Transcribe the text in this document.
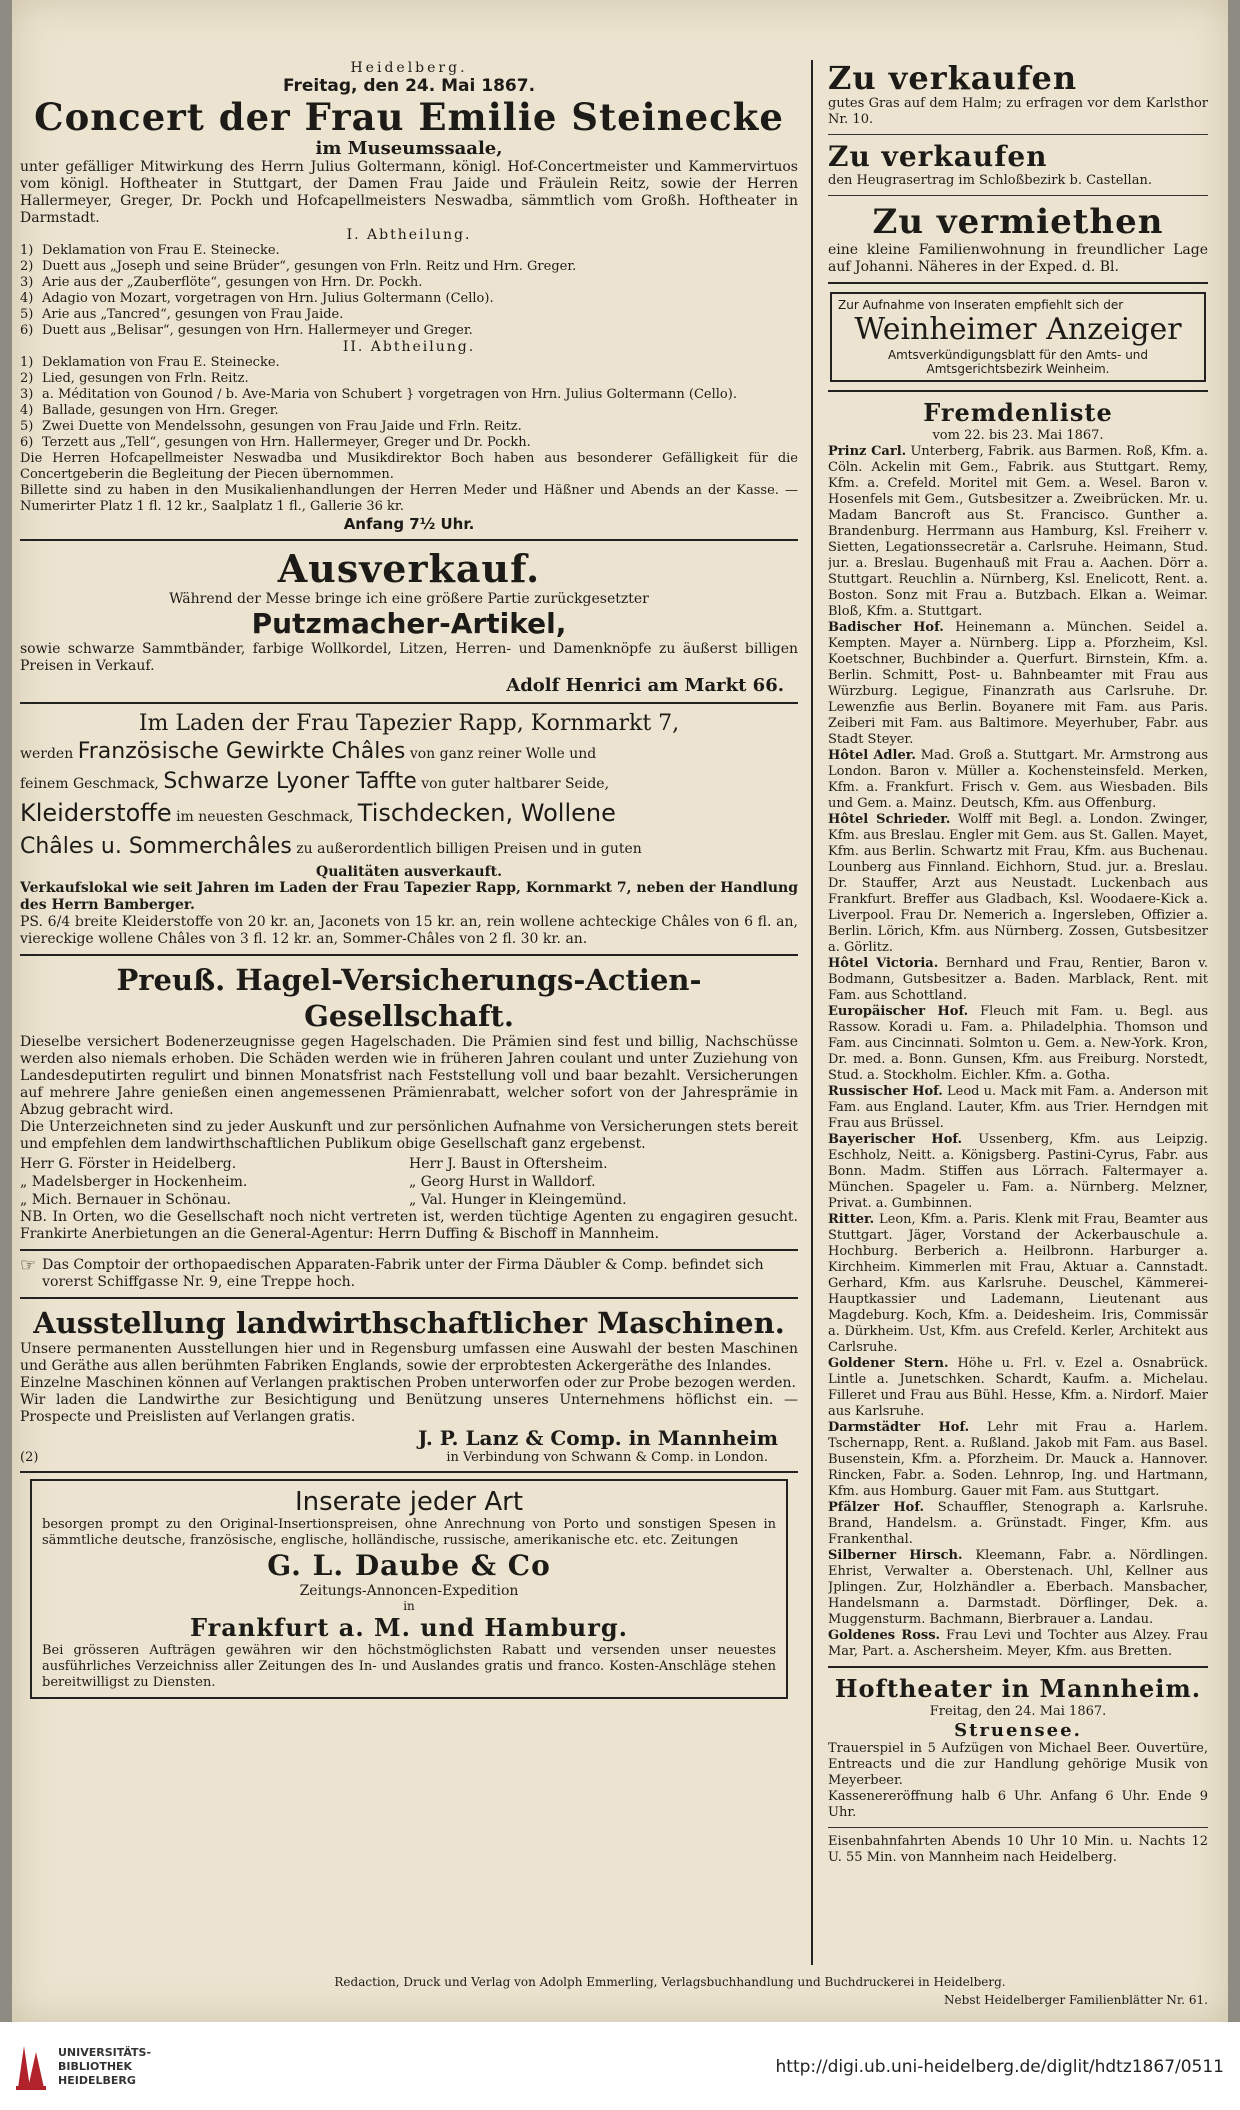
Heidelberg.
Freitag, den 24. Mai 1867.
Concert der Frau Emilie Steinecke
im Museumssaale,

unter gefälliger Mitwirkung des Herrn Julius Goltermann, königl. Hof-Concertmeister und Kammervirtuos vom königl. Hoftheater in Stuttgart, der Damen Frau Jaide und Fräulein Reitz, sowie der Herren Hallermeyer, Greger, Dr. Pockh und Hofcapellmeisters Neswadba, sämmtlich vom Großh. Hoftheater in Darmstadt.

I. Abtheilung.
1) Deklamation von Frau E. Steinecke.
2) Duett aus „Joseph und seine Brüder“, gesungen von Frln. Reitz und Hrn. Greger.
3) Arie aus der „Zauberflöte“, gesungen von Hrn. Dr. Pockh.
4) Adagio von Mozart, vorgetragen von Hrn. Julius Goltermann (Cello).
5) Arie aus „Tancred“, gesungen von Frau Jaide.
6) Duett aus „Belisar“, gesungen von Hrn. Hallermeyer und Greger.
II. Abtheilung.
1) Deklamation von Frau E. Steinecke.
2) Lied, gesungen von Frln. Reitz.
3) a. Méditation von Gounod / b. Ave-Maria von Schubert } vorgetragen von Hrn. Julius Goltermann (Cello).
4) Ballade, gesungen von Hrn. Greger.
5) Zwei Duette von Mendelssohn, gesungen von Frau Jaide und Frln. Reitz.
6) Terzett aus „Tell“, gesungen von Hrn. Hallermeyer, Greger und Dr. Pockh.

Die Herren Hofcapellmeister Neswadba und Musikdirektor Boch haben aus besonderer Gefälligkeit für die Concertgeberin die Begleitung der Piecen übernommen.

Billette sind zu haben in den Musikalienhandlungen der Herren Meder und Häßner und Abends an der Kasse. — Numerirter Platz 1 fl. 12 kr., Saalplatz 1 fl., Gallerie 36 kr.

Anfang 7½ Uhr.
Ausverkauf.
Während der Messe bringe ich eine größere Partie zurückgesetzter
Putzmacher-Artikel,

sowie schwarze Sammtbänder, farbige Wollkordel, Litzen, Herren- und Damenknöpfe zu äußerst billigen Preisen in Verkauf.

Adolf Henrici am Markt 66.
Im Laden der Frau Tapezier Rapp, Kornmarkt 7,
werden Französische Gewirkte Châles von ganz reiner Wolle und
feinem Geschmack, Schwarze Lyoner Taffte von guter haltbarer Seide,
Kleiderstoffe im neuesten Geschmack, Tischdecken, Wollene
Châles u. Sommerchâles zu außerordentlich billigen Preisen und in guten
Qualitäten ausverkauft.

Verkaufslokal wie seit Jahren im Laden der Frau Tapezier Rapp, Kornmarkt 7, neben der Handlung des Herrn Bamberger.

PS. 6/4 breite Kleiderstoffe von 20 kr. an, Jaconets von 15 kr. an, rein wollene achteckige Châles von 6 fl. an, viereckige wollene Châles von 3 fl. 12 kr. an, Sommer-Châles von 2 fl. 30 kr. an.

Preuß. Hagel-Versicherungs-Actien-Gesellschaft.

Dieselbe versichert Bodenerzeugnisse gegen Hagelschaden. Die Prämien sind fest und billig, Nachschüsse werden also niemals erhoben. Die Schäden werden wie in früheren Jahren coulant und unter Zuziehung von Landesdeputirten regulirt und binnen Monatsfrist nach Feststellung voll und baar bezahlt. Versicherungen auf mehrere Jahre genießen einen angemessenen Prämienrabatt, welcher sofort von der Jahresprämie in Abzug gebracht wird.

Die Unterzeichneten sind zu jeder Auskunft und zur persönlichen Aufnahme von Versicherungen stets bereit und empfehlen dem landwirthschaftlichen Publikum obige Gesellschaft ganz ergebenst.

Herr G. Förster in Heidelberg.	Herr J. Baust in Oftersheim.
„ Madelsberger in Hockenheim.	„ Georg Hurst in Walldorf.
„ Mich. Bernauer in Schönau.	„ Val. Hunger in Kleingemünd.

NB. In Orten, wo die Gesellschaft noch nicht vertreten ist, werden tüchtige Agenten zu engagiren gesucht. Frankirte Anerbietungen an die General-Agentur: Herrn Duffing & Bischoff in Mannheim.

☞ Das Comptoir der orthopaedischen Apparaten-Fabrik unter der Firma Däubler & Comp. befindet sich vorerst Schiffgasse Nr. 9, eine Treppe hoch.
Ausstellung landwirthschaftlicher Maschinen.

Unsere permanenten Ausstellungen hier und in Regensburg umfassen eine Auswahl der besten Maschinen und Geräthe aus allen berühmten Fabriken Englands, sowie der erprobtesten Ackergeräthe des Inlandes.

Einzelne Maschinen können auf Verlangen praktischen Proben unterworfen oder zur Probe bezogen werden.

Wir laden die Landwirthe zur Besichtigung und Benützung unseres Unternehmens höflichst ein. — Prospecte und Preislisten auf Verlangen gratis.

J. P. Lanz & Comp. in Mannheim
(2)	in Verbindung von Schwann & Comp. in London.
Inserate jeder Art

besorgen prompt zu den Original-Insertionspreisen, ohne Anrechnung von Porto und sonstigen Spesen in sämmtliche deutsche, französische, englische, holländische, russische, amerikanische etc. etc. Zeitungen

G. L. Daube & Co
Zeitungs-Annoncen-Expedition
in
Frankfurt a. M. und Hamburg.

Bei grösseren Aufträgen gewähren wir den höchstmöglichsten Rabatt und versenden unser neuestes ausführliches Verzeichniss aller Zeitungen des In- und Auslandes gratis und franco. Kosten-Anschläge stehen bereitwilligst zu Diensten.

Zu verkaufen

gutes Gras auf dem Halm; zu erfragen vor dem Karlsthor Nr. 10.

Zu verkaufen

den Heugrasertrag im Schloßbezirk b. Castellan.

Zu vermiethen

eine kleine Familienwohnung in freundlicher Lage auf Johanni. Näheres in der Exped. d. Bl.

Zur Aufnahme von Inseraten empfiehlt sich der
Weinheimer Anzeiger
Amtsverkündigungsblatt für den Amts- und Amtsgerichtsbezirk Weinheim.
Fremdenliste
vom 22. bis 23. Mai 1867.

Prinz Carl. Unterberg, Fabrik. aus Barmen. Roß, Kfm. a. Cöln. Ackelin mit Gem., Fabrik. aus Stuttgart. Remy, Kfm. a. Crefeld. Moritel mit Gem. a. Wesel. Baron v. Hosenfels mit Gem., Gutsbesitzer a. Zweibrücken. Mr. u. Madam Bancroft aus St. Francisco. Gunther a. Brandenburg. Herrmann aus Hamburg, Ksl. Freiherr v. Sietten, Legationssecretär a. Carlsruhe. Heimann, Stud. jur. a. Breslau. Bugenhauß mit Frau a. Aachen. Dörr a. Stuttgart. Reuchlin a. Nürnberg, Ksl. Enelicott, Rent. a. Boston. Sonz mit Frau a. Butzbach. Elkan a. Weimar. Bloß, Kfm. a. Stuttgart.

Badischer Hof. Heinemann a. München. Seidel a. Kempten. Mayer a. Nürnberg. Lipp a. Pforzheim, Ksl. Koetschner, Buchbinder a. Querfurt. Birnstein, Kfm. a. Berlin. Schmitt, Post- u. Bahnbeamter mit Frau aus Würzburg. Legigue, Finanzrath aus Carlsruhe. Dr. Lewenzfie aus Berlin. Boyanere mit Fam. aus Paris. Zeiberi mit Fam. aus Baltimore. Meyerhuber, Fabr. aus Stadt Steyer.

Hôtel Adler. Mad. Groß a. Stuttgart. Mr. Armstrong aus London. Baron v. Müller a. Kochensteinsfeld. Merken, Kfm. a. Frankfurt. Frisch v. Gem. aus Wiesbaden. Bils und Gem. a. Mainz. Deutsch, Kfm. aus Offenburg.

Hôtel Schrieder. Wolff mit Begl. a. London. Zwinger, Kfm. aus Breslau. Engler mit Gem. aus St. Gallen. Mayet, Kfm. aus Berlin. Schwartz mit Frau, Kfm. aus Buchenau. Lounberg aus Finnland. Eichhorn, Stud. jur. a. Breslau. Dr. Stauffer, Arzt aus Neustadt. Luckenbach aus Frankfurt. Breffer aus Gladbach, Ksl. Woodaere-Kick a. Liverpool. Frau Dr. Nemerich a. Ingersleben, Offizier a. Berlin. Lörich, Kfm. aus Nürnberg. Zossen, Gutsbesitzer a. Görlitz.

Hôtel Victoria. Bernhard und Frau, Rentier, Baron v. Bodmann, Gutsbesitzer a. Baden. Marblack, Rent. mit Fam. aus Schottland.

Europäischer Hof. Fleuch mit Fam. u. Begl. aus Rassow. Koradi u. Fam. a. Philadelphia. Thomson und Fam. aus Cincinnati. Solmton u. Gem. a. New-York. Kron, Dr. med. a. Bonn. Gunsen, Kfm. aus Freiburg. Norstedt, Stud. a. Stockholm. Eichler. Kfm. a. Gotha.

Russischer Hof. Leod u. Mack mit Fam. a. Anderson mit Fam. aus England. Lauter, Kfm. aus Trier. Herndgen mit Frau aus Brüssel.

Bayerischer Hof. Ussenberg, Kfm. aus Leipzig. Eschholz, Neitt. a. Königsberg. Pastini-Cyrus, Fabr. aus Bonn. Madm. Stiffen aus Lörrach. Faltermayer a. München. Spageler u. Fam. a. Nürnberg. Melzner, Privat. a. Gumbinnen.

Ritter. Leon, Kfm. a. Paris. Klenk mit Frau, Beamter aus Stuttgart. Jäger, Vorstand der Ackerbauschule a. Hochburg. Berberich a. Heilbronn. Harburger a. Kirchheim. Kimmerlen mit Frau, Aktuar a. Cannstadt. Gerhard, Kfm. aus Karlsruhe. Deuschel, Kämmerei-Hauptkassier und Lademann, Lieutenant aus Magdeburg. Koch, Kfm. a. Deidesheim. Iris, Commissär a. Dürkheim. Ust, Kfm. aus Crefeld. Kerler, Architekt aus Carlsruhe.

Goldener Stern. Höhe u. Frl. v. Ezel a. Osnabrück. Lintle a. Junetschken. Schardt, Kaufm. a. Michelau. Filleret und Frau aus Bühl. Hesse, Kfm. a. Nirdorf. Maier aus Karlsruhe.

Darmstädter Hof. Lehr mit Frau a. Harlem. Tschernapp, Rent. a. Rußland. Jakob mit Fam. aus Basel. Busenstein, Kfm. a. Pforzheim. Dr. Mauck a. Hannover. Rincken, Fabr. a. Soden. Lehnrop, Ing. und Hartmann, Kfm. aus Homburg. Gauer mit Fam. aus Stuttgart.

Pfälzer Hof. Schauffler, Stenograph a. Karlsruhe. Brand, Handelsm. a. Grünstadt. Finger, Kfm. aus Frankenthal.

Silberner Hirsch. Kleemann, Fabr. a. Nördlingen. Ehrist, Verwalter a. Oberstenach. Uhl, Kellner aus Jplingen. Zur, Holzhändler a. Eberbach. Mansbacher, Handelsmann a. Darmstadt. Dörflinger, Dek. a. Muggensturm. Bachmann, Bierbrauer a. Landau.

Goldenes Ross. Frau Levi und Tochter aus Alzey. Frau Mar, Part. a. Aschersheim. Meyer, Kfm. aus Bretten.

Hoftheater in Mannheim.
Freitag, den 24. Mai 1867.
Struensee.

Trauerspiel in 5 Aufzügen von Michael Beer. Ouvertüre, Entreacts und die zur Handlung gehörige Musik von Meyerbeer.

Kassenereröffnung halb 6 Uhr. Anfang 6 Uhr. Ende 9 Uhr.

Eisenbahnfahrten Abends 10 Uhr 10 Min. u. Nachts 12 U. 55 Min. von Mannheim nach Heidelberg.

Redaction, Druck und Verlag von Adolph Emmerling, Verlagsbuchhandlung und Buchdruckerei in Heidelberg.
Nebst Heidelberger Familienblätter Nr. 61.
UNIVERSITÄTS-
BIBLIOTHEK
HEIDELBERG
http://digi.ub.uni-heidelberg.de/diglit/hdtz1867/0511
